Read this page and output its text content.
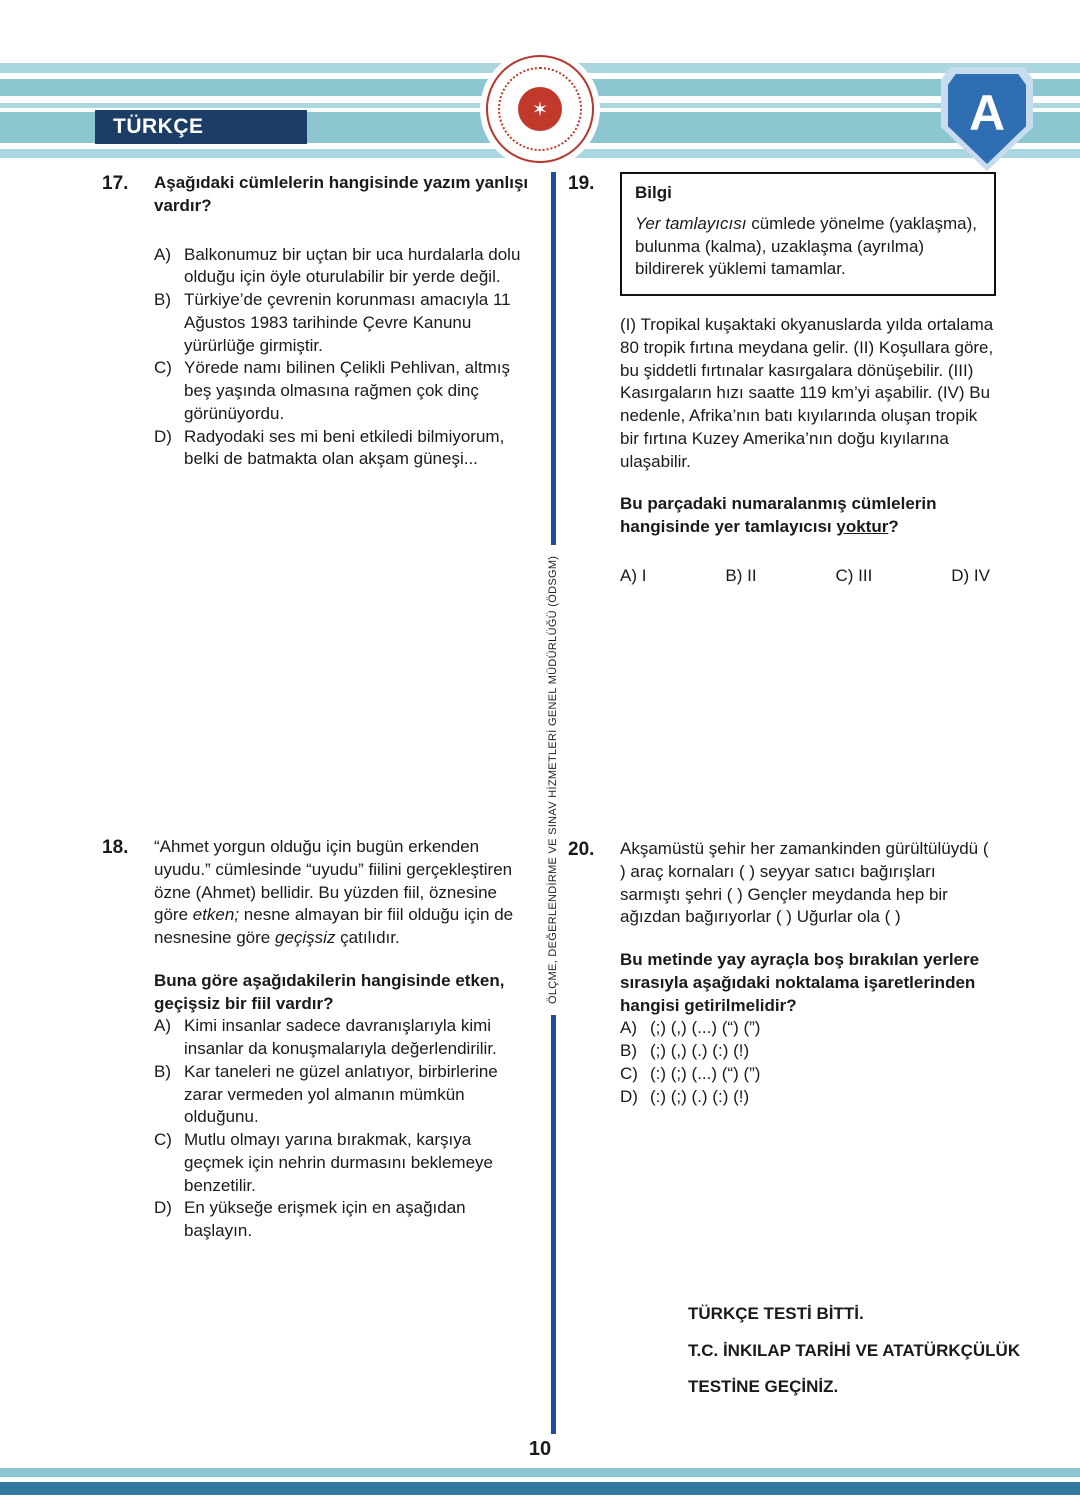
TÜRKÇE
✶	A
ÖLÇME, DEĞERLENDİRME VE SINAV HİZMETLERİ GENEL MÜDÜRLÜĞÜ (ÖDSGM)
17.	Aşağıdaki cümlelerin hangisinde yazım yanlışı vardır?

A) Balkonumuz bir uçtan bir uca hurdalarla dolu olduğu için öyle oturulabilir bir yerde değil.
B) Türkiye’de çevrenin korunması amacıyla 11 Ağustos 1983 tarihinde Çevre Kanunu yürürlüğe girmiştir.
C) Yörede namı bilinen Çelikli Pehlivan, altmış beş yaşında olmasına rağmen çok dinç görünüyordu.
D) Radyodaki ses mi beni etkiledi bilmiyorum, belki de batmakta olan akşam güneşi...
18.	“Ahmet yorgun olduğu için bugün erkenden uyudu.” cümlesinde “uyudu” fiilini gerçekleştiren özne (Ahmet) bellidir. Bu yüzden fiil, öznesine göre etken; nesne almayan bir fiil olduğu için de nesnesine göre geçişsiz çatılıdır.

Buna göre aşağıdakilerin hangisinde etken, geçişsiz bir fiil vardır?

A) Kimi insanlar sadece davranışlarıyla kimi insanlar da konuşmalarıyla değerlendirilir.
B) Kar taneleri ne güzel anlatıyor, birbirlerine zarar vermeden yol almanın mümkün olduğunu.
C) Mutlu olmayı yarına bırakmak, karşıya geçmek için nehrin durmasını beklemeye benzetilir.
D) En yükseğe erişmek için en aşağıdan başlayın.
19.	Bilgi

Yer tamlayıcısı cümlede yönelme (yaklaşma), bulunma (kalma), uzaklaşma (ayrılma) bildirerek yüklemi tamamlar.

(I) Tropikal kuşaktaki okyanuslarda yılda ortalama 80 tropik fırtına meydana gelir. (II) Koşullara göre, bu şiddetli fırtınalar kasırgalara dönüşebilir. (III) Kasırgaların hızı saatte 119 km’yi aşabilir. (IV) Bu nedenle, Afrika’nın batı kıyılarında oluşan tropik bir fırtına Kuzey Amerika’nın doğu kıyılarına ulaşabilir.

Bu parçadaki numaralanmış cümlelerin hangisinde yer tamlayıcısı yoktur?

A) I	B) II	C) III	D) IV
20.	Akşamüstü şehir her zamankinden gürültülüydü ( ) araç kornaları ( ) seyyar satıcı bağırışları sarmıştı şehri ( ) Gençler meydanda hep bir ağızdan bağırıyorlar ( ) Uğurlar ola ( )

Bu metinde yay ayraçla boş bırakılan yerlere sırasıyla aşağıdaki noktalama işaretlerinden hangisi getirilmelidir?

A) (;) (,) (...) (“) (”)
B) (;) (,) (.) (:) (!)
C) (:) (;) (...) (“) (”)
D) (:) (;) (.) (:) (!)
TÜRKÇE TESTİ BİTTİ.
T.C. İNKILAP TARİHİ VE ATATÜRKÇÜLÜK
TESTİNE GEÇİNİZ.
10
